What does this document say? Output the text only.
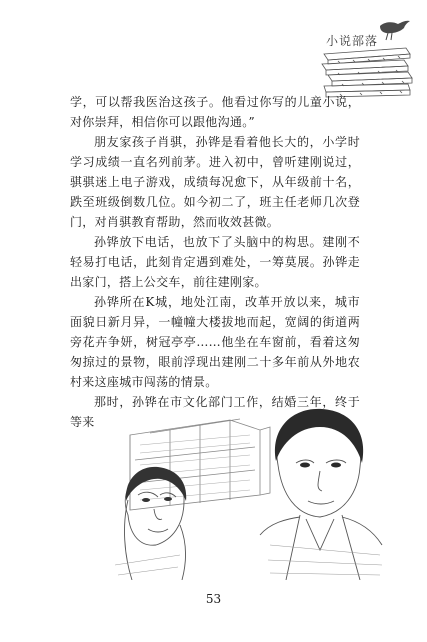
小说部落

学，可以帮我医治这孩子。他看过你写的儿童小说，对你崇拜，相信你可以跟他沟通。”

朋友家孩子肖骐，孙铧是看着他长大的，小学时学习成绩一直名列前茅。进入初中，曾听建刚说过，骐骐迷上电子游戏，成绩每况愈下，从年级前十名，跌至班级倒数几位。如今初二了，班主任老师几次登门，对肖骐教育帮助，然而收效甚微。

孙铧放下电话，也放下了头脑中的构思。建刚不轻易打电话，此刻肯定遇到难处，一筹莫展。孙铧走出家门，搭上公交车，前往建刚家。

孙铧所在K城，地处江南，改革开放以来，城市面貌日新月异，一幢幢大楼拔地而起，宽阔的街道两旁花卉争妍，树冠亭亭……他坐在车窗前，看着这匆匆掠过的景物，眼前浮现出建刚二十多年前从外地农村来这座城市闯荡的情景。

那时，孙铧在市文化部门工作，结婚三年，终于等来

53
